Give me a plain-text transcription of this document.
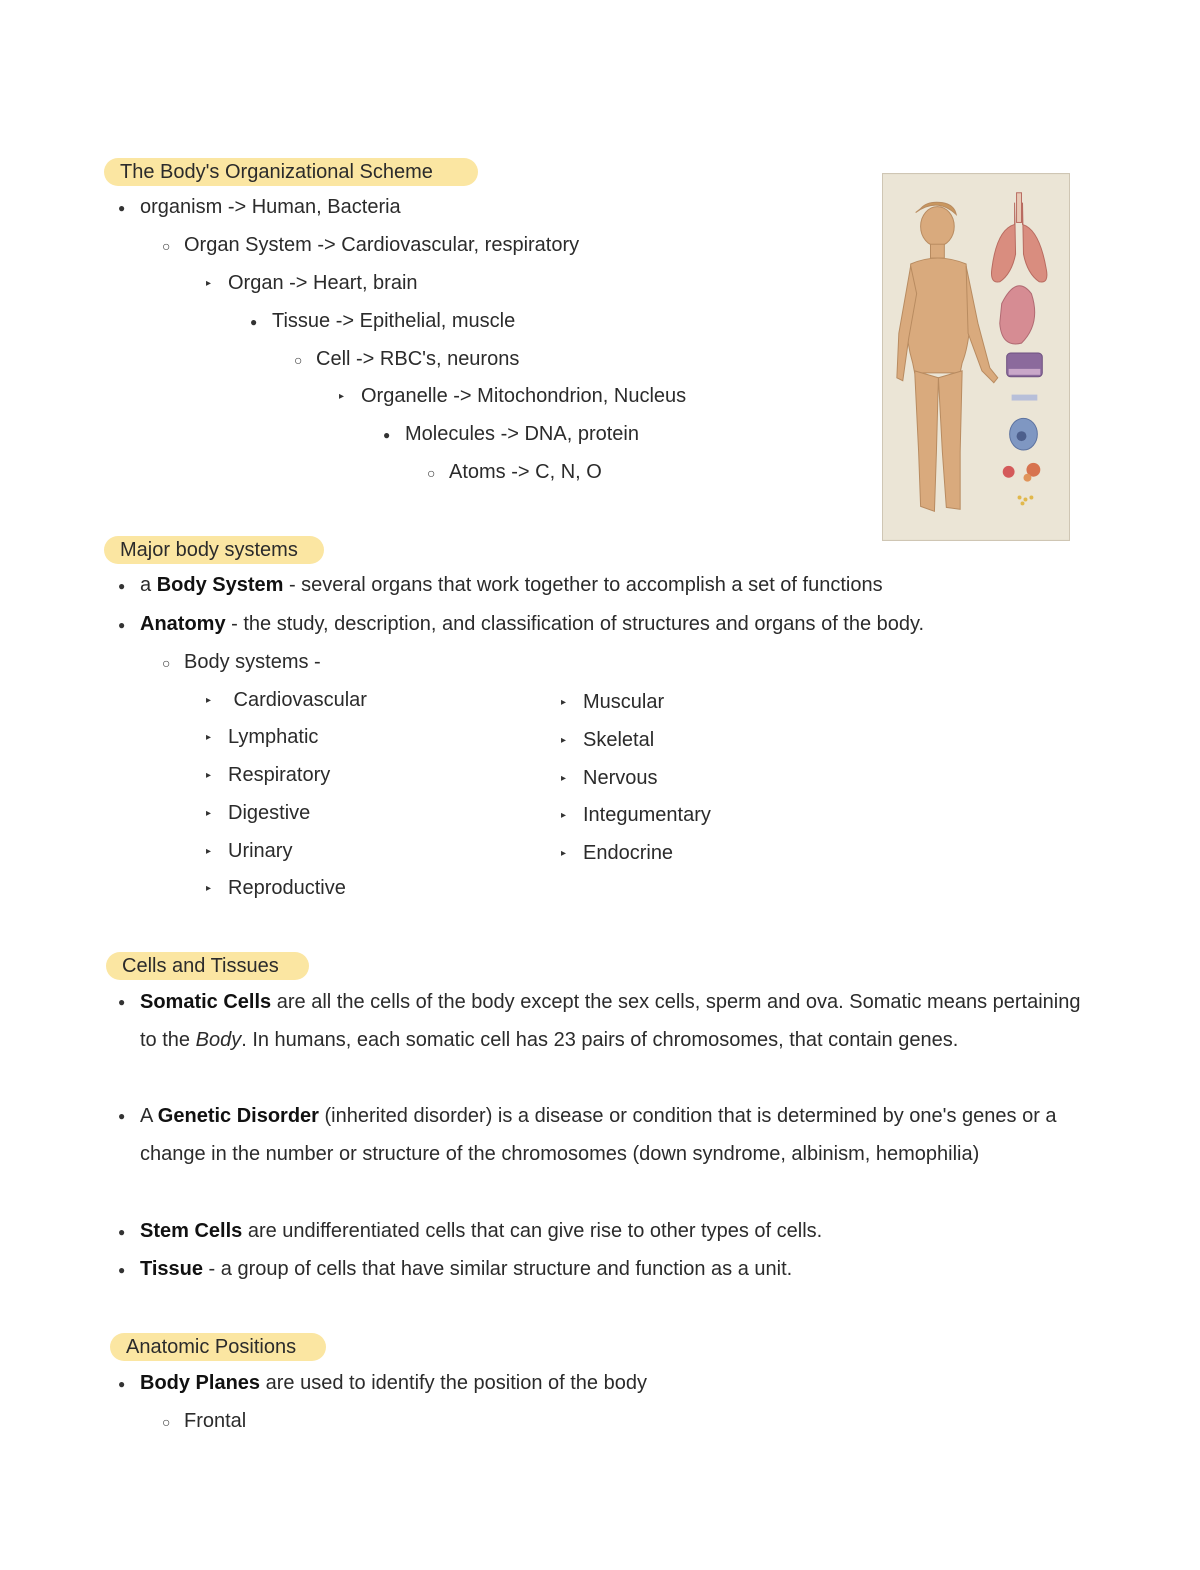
The Body's Organizational Scheme
● organism -> Human, Bacteria
○ Organ System -> Cardiovascular, respiratory
▸ Organ -> Heart, brain
● Tissue -> Epithelial, muscle
○ Cell -> RBC's, neurons
▸ Organelle -> Mitochondrion, Nucleus
● Molecules -> DNA, protein
○ Atoms -> C, N, O
Major body systems
● a Body System - several organs that work together to accomplish a set of functions
● Anatomy - the study, description, and classification of structures and organs of the body.
○ Body systems -
▸ Cardiovascular
▸ Lymphatic
▸ Respiratory
▸ Digestive
▸ Urinary
▸ Reproductive
▸ Muscular
▸ Skeletal
▸ Nervous
▸ Integumentary
▸ Endocrine
Cells and Tissues
● Somatic Cells are all the cells of the body except the sex cells, sperm and ova. Somatic means pertaining to the Body. In humans, each somatic cell has 23 pairs of chromosomes, that contain genes.
● A Genetic Disorder (inherited disorder) is a disease or condition that is determined by one's genes or a change in the number or structure of the chromosomes (down syndrome, albinism, hemophilia)
● Stem Cells are undifferentiated cells that can give rise to other types of cells.
● Tissue - a group of cells that have similar structure and function as a unit.
Anatomic Positions
● Body Planes are used to identify the position of the body
○ Frontal
